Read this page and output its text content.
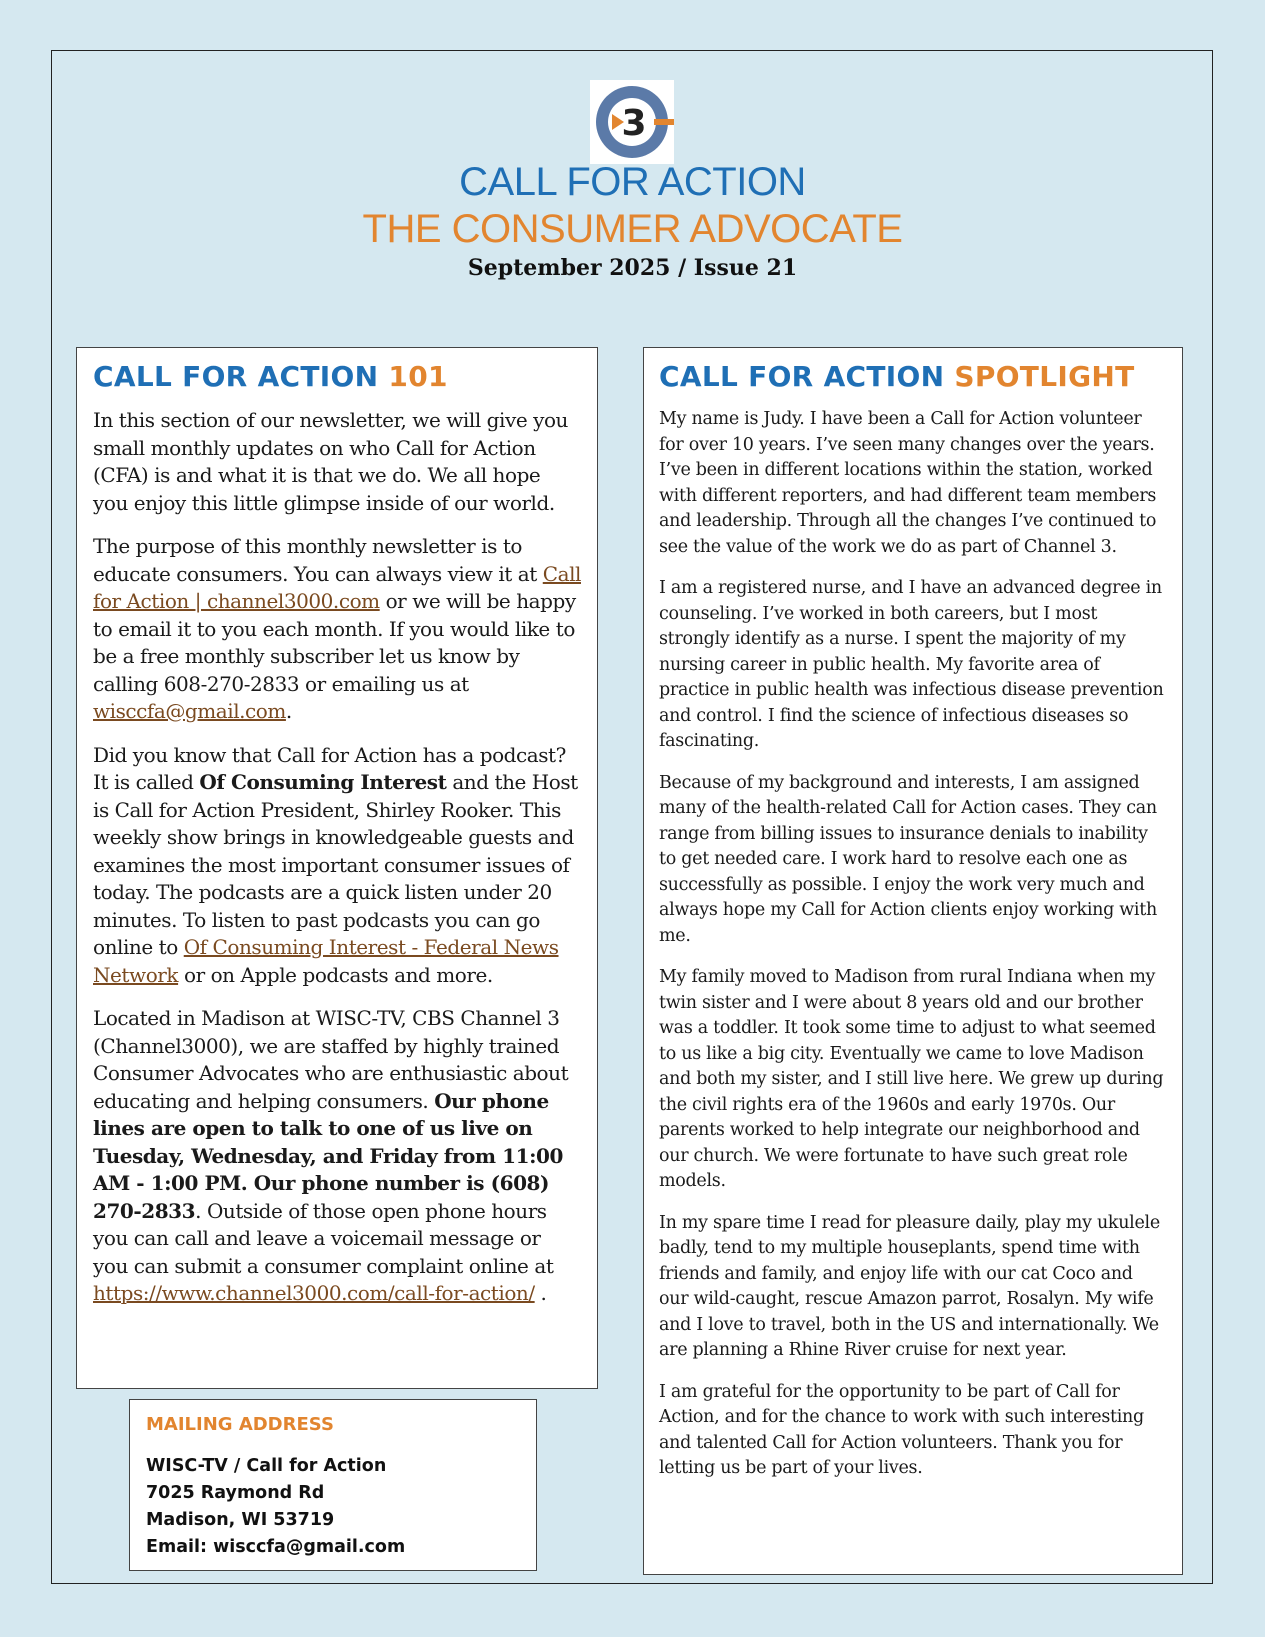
3
CALL FOR ACTION
THE CONSUMER ADVOCATE
September 2025 / Issue 21
CALL FOR ACTION 101

In this section of our newsletter, we will give you small monthly updates on who Call for Action (CFA) is and what it is that we do. We all hope you enjoy this little glimpse inside of our world.

The purpose of this monthly newsletter is to educate consumers. You can always view it at Call for Action | channel3000.com or we will be happy to email it to you each month. If you would like to be a free monthly subscriber let us know by calling 608-270-2833 or emailing us at wisccfa@gmail.com.

Did you know that Call for Action has a podcast? It is called Of Consuming Interest and the Host is Call for Action President, Shirley Rooker. This weekly show brings in knowledgeable guests and examines the most important consumer issues of today. The podcasts are a quick listen under 20 minutes. To listen to past podcasts you can go online to Of Consuming Interest - Federal News Network or on Apple podcasts and more.

Located in Madison at WISC-TV, CBS Channel 3 (Channel3000), we are staffed by highly trained Consumer Advocates who are enthusiastic about educating and helping consumers. Our phone lines are open to talk to one of us live on Tuesday, Wednesday, and Friday from 11:00 AM - 1:00 PM. Our phone number is (608) 270-2833. Outside of those open phone hours you can call and leave a voicemail message or you can submit a consumer complaint online at https://www.channel3000.com/call-for-action/ .

MAILING ADDRESS
WISC-TV / Call for Action
7025 Raymond Rd
Madison, WI 53719
Email: wisccfa@gmail.com
CALL FOR ACTION SPOTLIGHT

My name is Judy. I have been a Call for Action volunteer for over 10 years. I’ve seen many changes over the years. I’ve been in different locations within the station, worked with different reporters, and had different team members and leadership. Through all the changes I’ve continued to see the value of the work we do as part of Channel 3.

I am a registered nurse, and I have an advanced degree in counseling. I’ve worked in both careers, but I most strongly identify as a nurse. I spent the majority of my nursing career in public health. My favorite area of practice in public health was infectious disease prevention and control. I find the science of infectious diseases so fascinating.

Because of my background and interests, I am assigned many of the health-related Call for Action cases. They can range from billing issues to insurance denials to inability to get needed care. I work hard to resolve each one as successfully as possible. I enjoy the work very much and always hope my Call for Action clients enjoy working with me.

My family moved to Madison from rural Indiana when my twin sister and I were about 8 years old and our brother was a toddler. It took some time to adjust to what seemed to us like a big city. Eventually we came to love Madison and both my sister, and I still live here. We grew up during the civil rights era of the 1960s and early 1970s. Our parents worked to help integrate our neighborhood and our church. We were fortunate to have such great role models.

In my spare time I read for pleasure daily, play my ukulele badly, tend to my multiple houseplants, spend time with friends and family, and enjoy life with our cat Coco and our wild-caught, rescue Amazon parrot, Rosalyn. My wife and I love to travel, both in the US and internationally. We are planning a Rhine River cruise for next year.

I am grateful for the opportunity to be part of Call for Action, and for the chance to work with such interesting and talented Call for Action volunteers. Thank you for letting us be part of your lives.
